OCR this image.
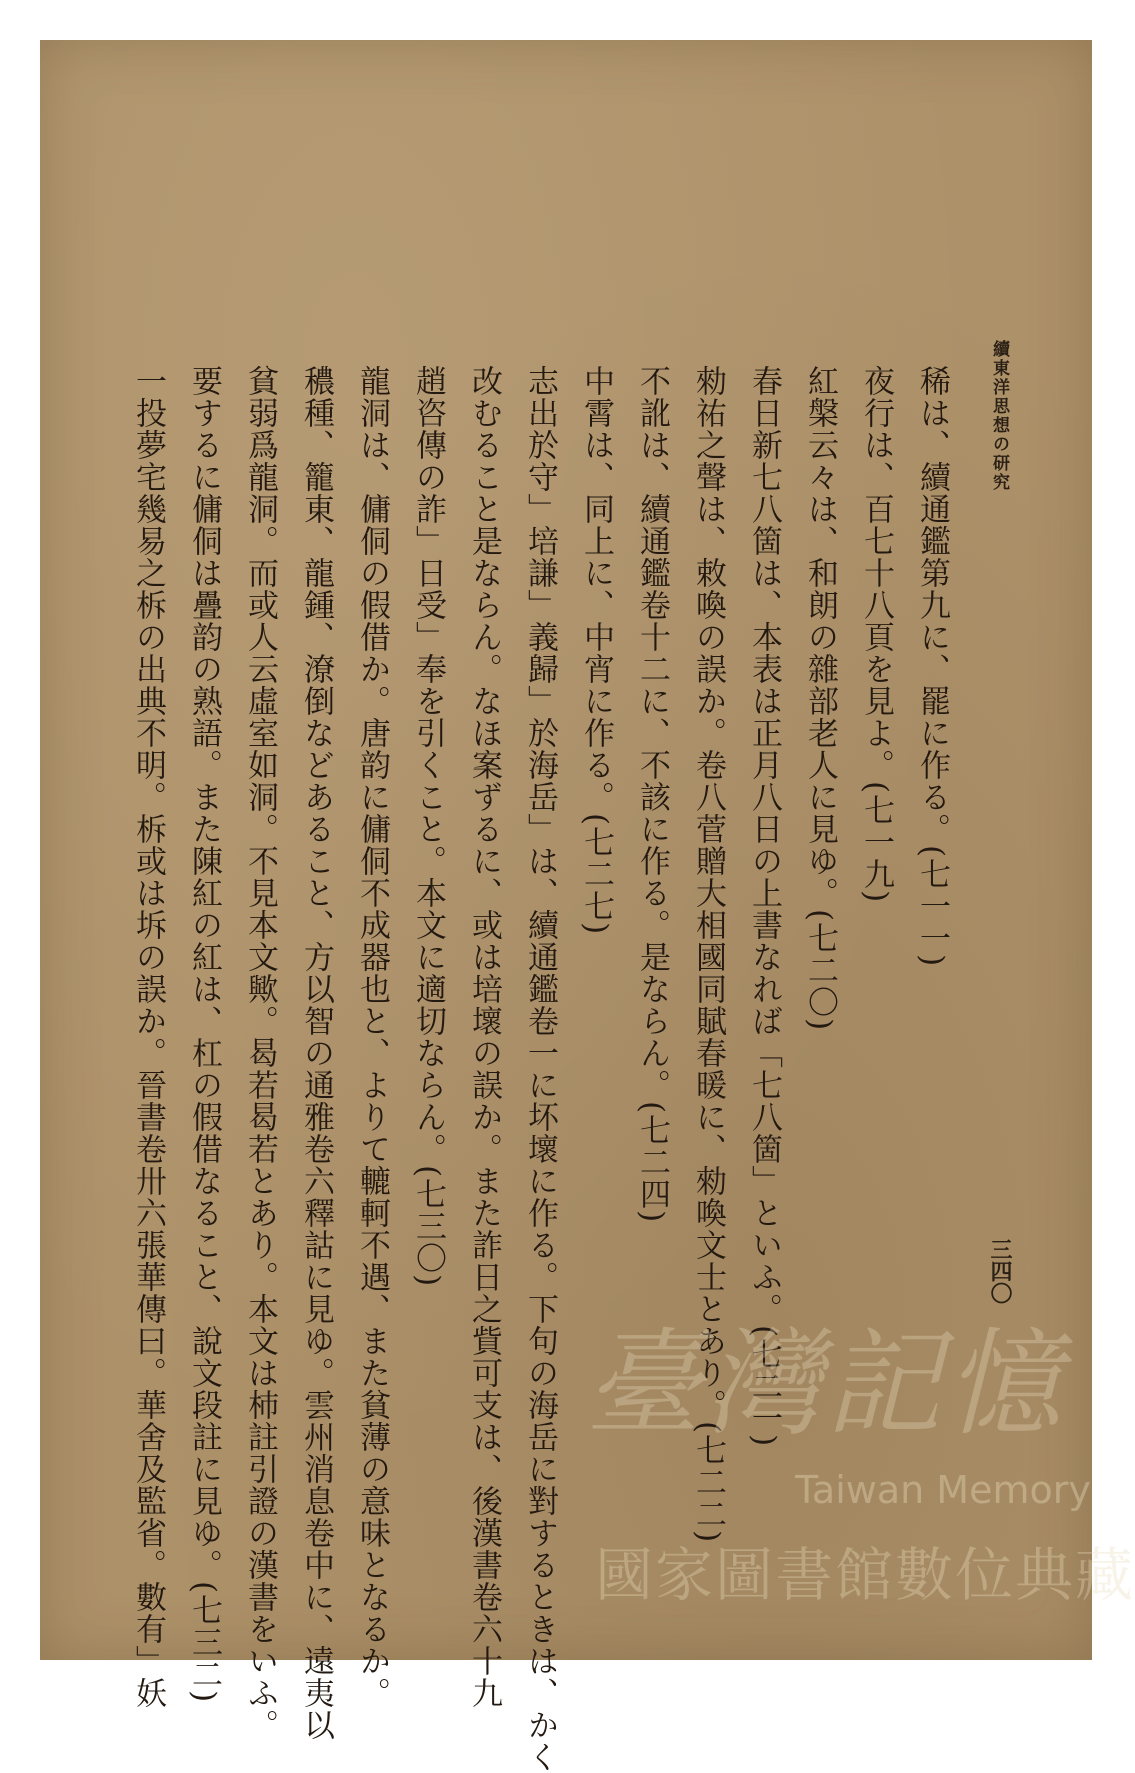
續東洋思想の研究
三四〇

稀は、續通鑑第九に、罷に作る。(七一一)

夜行は、百七十八頁を見よ。(七一九)

紅槃云々は、和朗の雜部老人に見ゆ。(七二〇)

春日新七八箇は、本表は正月八日の上書なれば「七八箇」といふ。(七二一)

勑祐之聲は、敕喚の誤か。卷八菅贈大相國同賦春暖に、勑喚文士とあり。(七二二)

不訛は、續通鑑卷十二に、不該に作る。是ならん。(七二四)

中霄は、同上に、中宵に作る。(七二七)

志出於守」培謙」義歸」於海岳」は、續通鑑卷一に坏壞に作る。下句の海岳に對するときは、かく

改むること是ならん。なほ案ずるに、或は培壞の誤か。また詐日之貲可支は、後漢書卷六十九

趙咨傳の詐」日受」奉を引くこと。本文に適切ならん。(七三〇)

龍洞は、傭侗の假借か。唐韵に傭侗不成器也と、よりて轆軻不遇、また貧薄の意味となるか。

穠種、籠東、龍鍾、潦倒などあること、方以智の通雅卷六釋詁に見ゆ。雲州消息卷中に、遠夷以

貧弱爲龍洞。而或人云虛室如洞。不見本文歟。曷若曷若とあり。本文は杮註引證の漢書をいふ。

要するに傭侗は疊韵の熟語。また陳紅の紅は、杠の假借なること、說文段註に見ゆ。(七三二)

一投夢宅幾易之柝の出典不明。柝或は坼の誤か。晉書卷卅六張華傳曰。華舍及監省。數有」妖	臺灣記憶
Taiwan Memory
國家圖書館數位典藏
